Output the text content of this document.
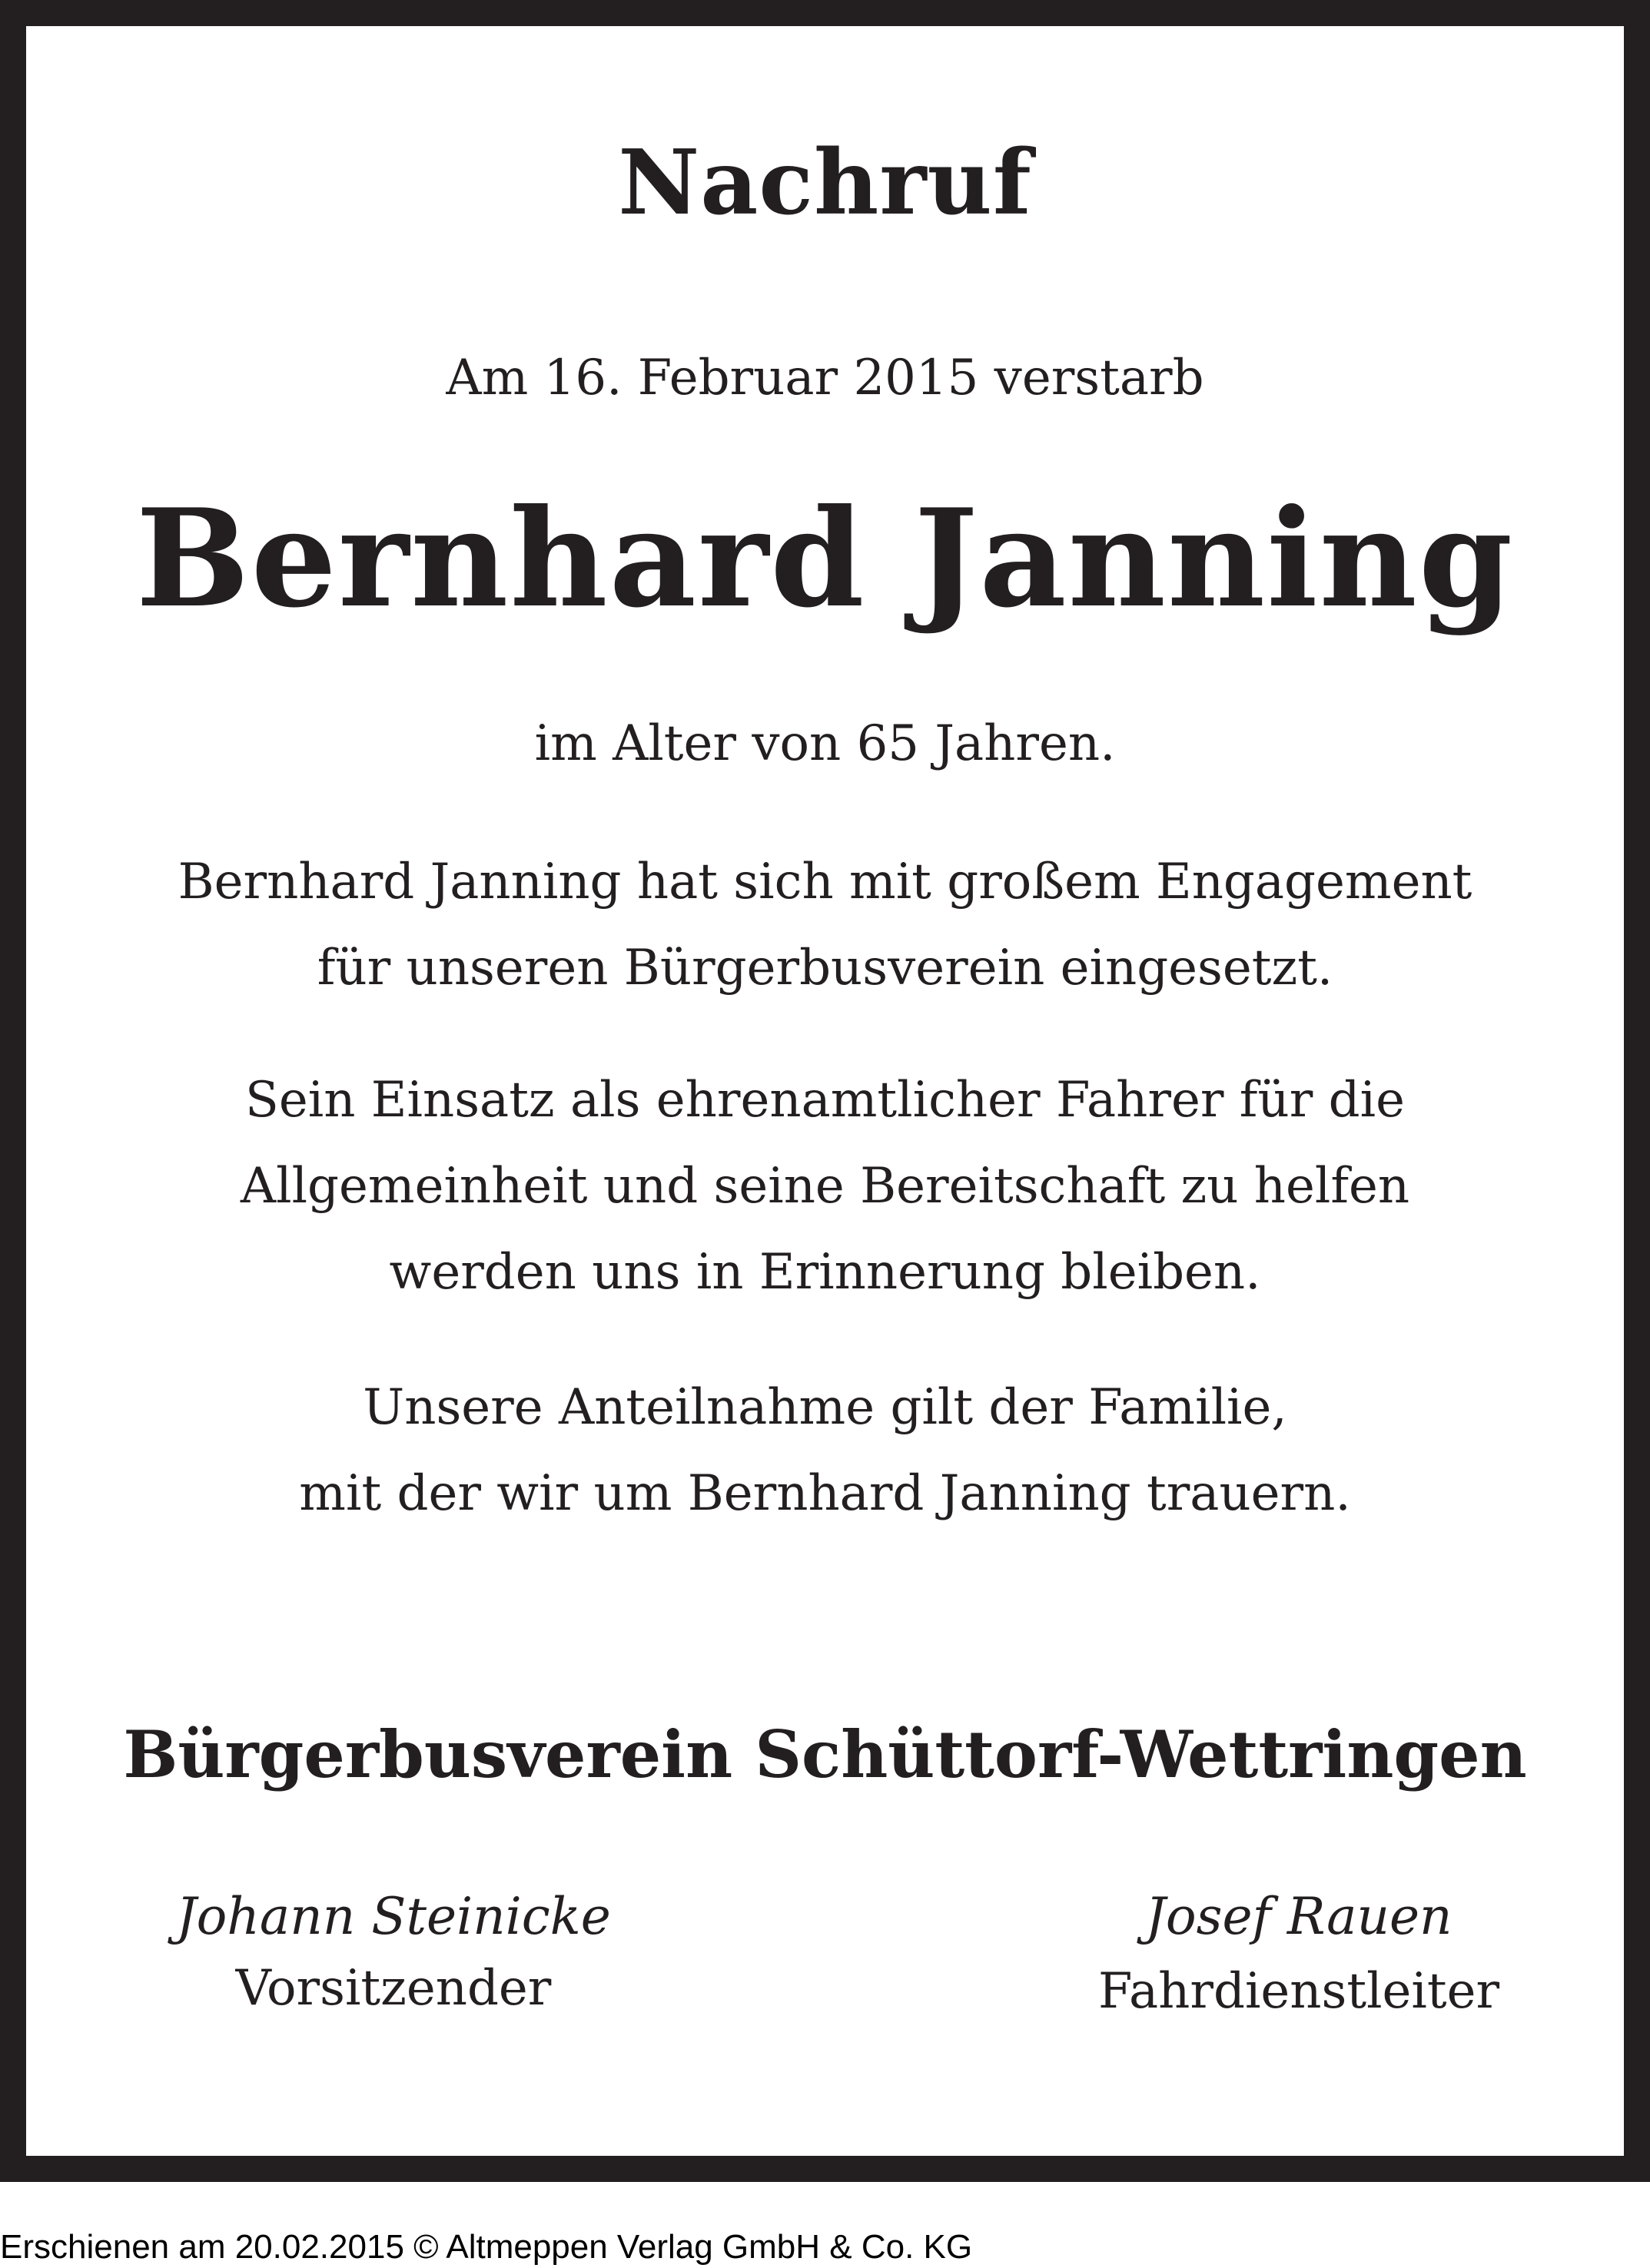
Nachruf
Am 16. Februar 2015 verstarb
Bernhard Janning
im Alter von 65 Jahren.
Bernhard Janning hat sich mit großem Engagement
für unseren Bürgerbusverein eingesetzt.
Sein Einsatz als ehrenamtlicher Fahrer für die
Allgemeinheit und seine Bereitschaft zu helfen
werden uns in Erinnerung bleiben.
Unsere Anteilnahme gilt der Familie,
mit der wir um Bernhard Janning trauern.
Bürgerbusverein Schüttorf-Wettringen
Johann Steinicke
Vorsitzender
Josef Rauen
Fahrdienstleiter
Erschienen am 20.02.2015 © Altmeppen Verlag GmbH & Co. KG
